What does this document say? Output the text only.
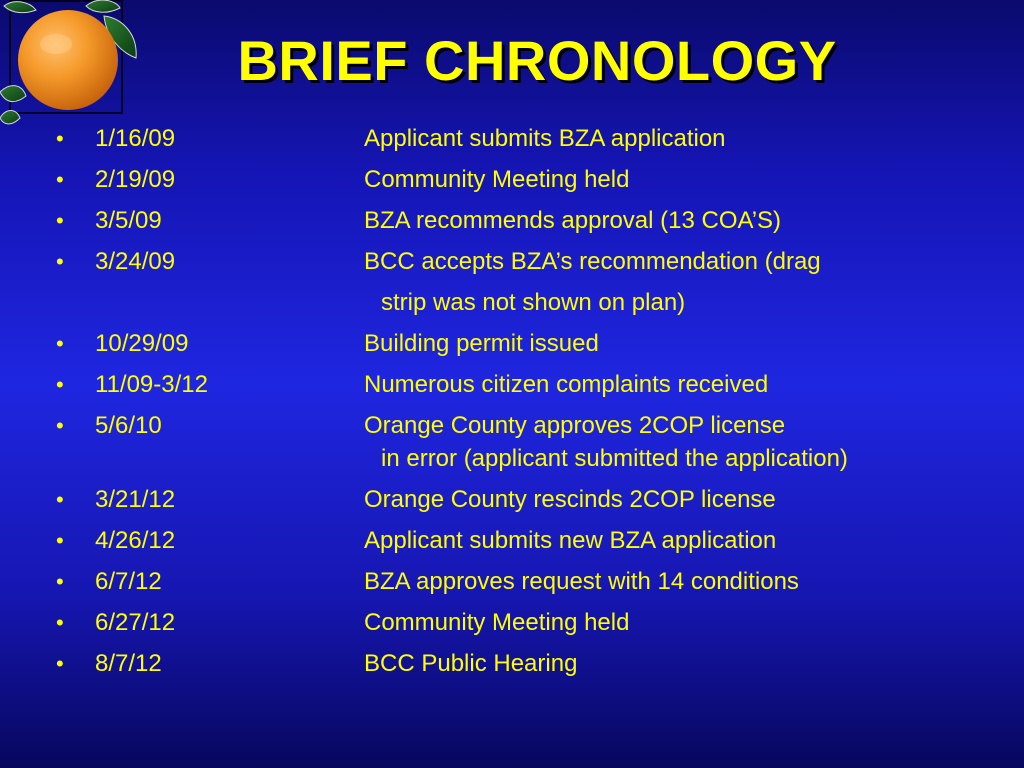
BRIEF CHRONOLOGY
• 1/16/09	Applicant submits BZA application
• 2/19/09	Community Meeting held
• 3/5/09	BZA recommends approval (13 COA’S)
• 3/24/09	BCC accepts BZA’s recommendation (drag
strip was not shown on plan)
• 10/29/09	Building permit issued
• 11/09-3/12	Numerous citizen complaints received
• 5/6/10	Orange County approves 2COP license
in error (applicant submitted the application)
• 3/21/12	Orange County rescinds 2COP license
• 4/26/12	Applicant submits new BZA application
• 6/7/12	BZA approves request with 14 conditions
• 6/27/12	Community Meeting held
• 8/7/12	BCC Public Hearing
